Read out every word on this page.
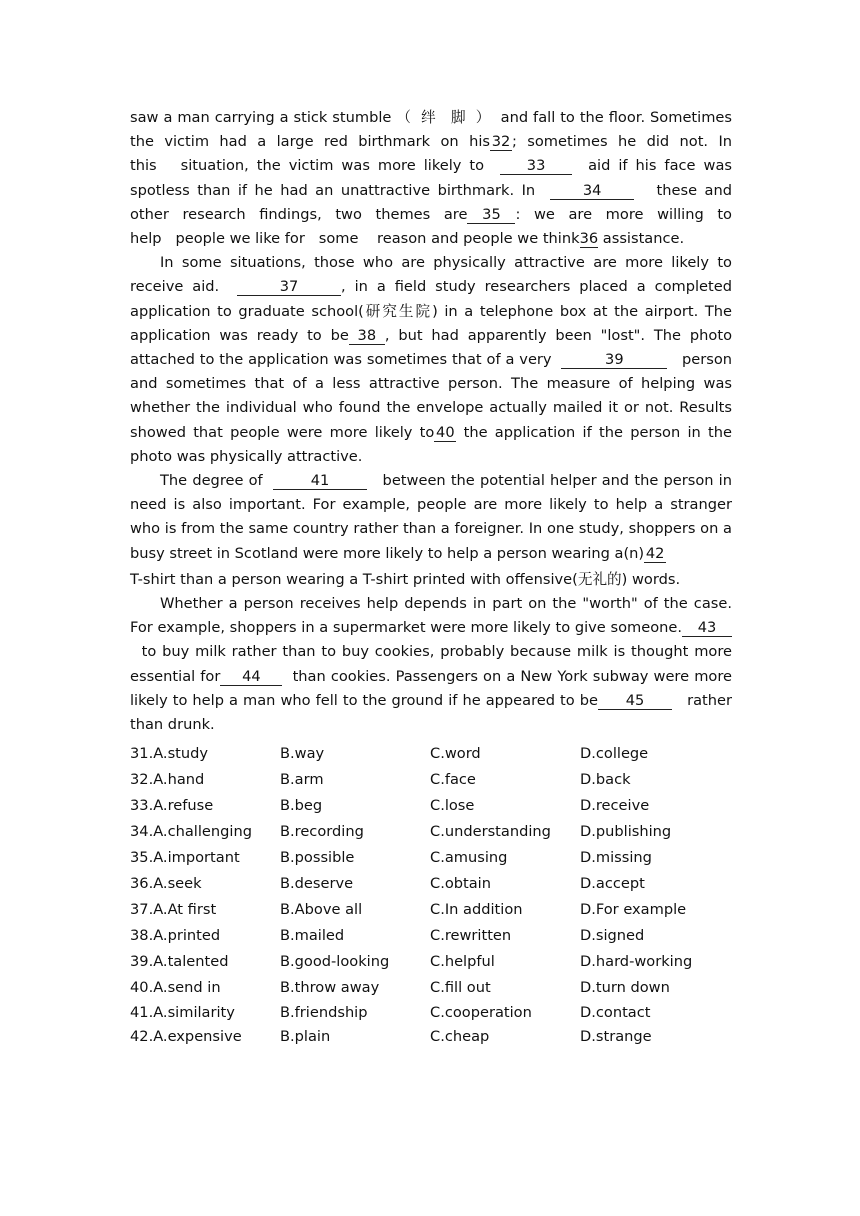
saw a man carrying a stick stumble （  绊   脚  ）  and fall to the floor. Sometimes the victim had a large red birthmark on his 32 ; sometimes he did not. In this   situation, the victim was more likely to  33  aid if his face was spotless than if he had an unattractive birthmark. In  34   these and other research findings, two themes are 35 : we are more willing to help   people we like for   some    reason and people we think36 assistance.

In some situations, those who are physically attractive are more likely to receive aid.	37	, in a field study researchers placed a completed application to graduate school(研究生院) in a telephone box at the airport. The application was ready to be 38 , but had apparently been "lost". The photo attached to the application was sometimes that of a very	39	person and sometimes that of a less attractive person. The measure of helping was whether the individual who found the envelope actually mailed it or not. Results showed that people were more likely to 40 the application if the person in the photo was physically attractive.

The degree of	41	between the potential helper and the person in need is also important. For example, people are more likely to help a stranger who is from the same country rather than a foreigner. In one study, shoppers on a busy street in Scotland were more likely to help a person wearing a(n) 42

T-shirt than a person wearing a T-shirt printed with offensive(无礼的) words.

Whether a person receives help depends in part on the "worth" of the case. For example, shoppers in a supermarket were more likely to give someone. 43  to buy milk rather than to buy cookies, probably because milk is thought more essential for 44  than cookies. Passengers on a New York subway were more likely to help a man who fell to the ground if he appeared to be 45   rather than drunk.

31.A.study	B.way	C.word	D.college
32.A.hand	B.arm	C.face	D.back
33.A.refuse	B.beg	C.lose	D.receive
34.A.challenging	B.recording	C.understanding	D.publishing
35.A.important	B.possible	C.amusing	D.missing
36.A.seek	B.deserve	C.obtain	D.accept
37.A.At first	B.Above all	C.In addition	D.For example
38.A.printed	B.mailed	C.rewritten	D.signed
39.A.talented	B.good-looking	C.helpful	D.hard-working
40.A.send in	B.throw away	C.fill out	D.turn down
41.A.similarity	B.friendship	C.cooperation	D.contact
42.A.expensive	B.plain	C.cheap	D.strange
